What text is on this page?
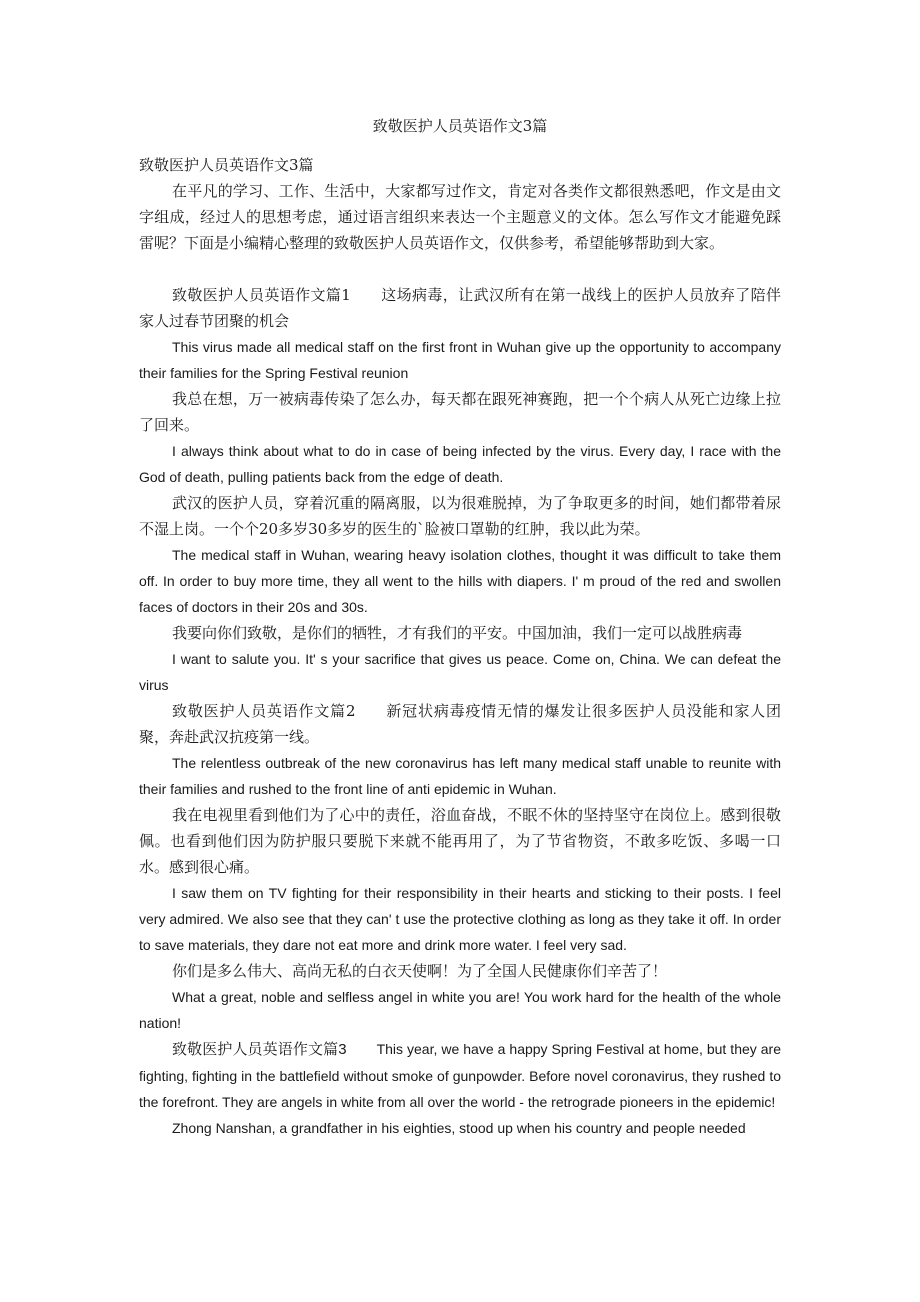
致敬医护人员英语作文3篇

致敬医护人员英语作文3篇

在平凡的学习、工作、生活中，大家都写过作文，肯定对各类作文都很熟悉吧，作文是由文字组成，经过人的思想考虑，通过语言组织来表达一个主题意义的文体。怎么写作文才能避免踩雷呢？下面是小编精心整理的致敬医护人员英语作文，仅供参考，希望能够帮助到大家。

致敬医护人员英语作文篇1 这场病毒，让武汉所有在第一战线上的医护人员放弃了陪伴家人过春节团聚的机会

This virus made all medical staff on the first front in Wuhan give up the opportunity to accompany their families for the Spring Festival reunion

我总在想，万一被病毒传染了怎么办，每天都在跟死神赛跑，把一个个病人从死亡边缘上拉了回来。

I always think about what to do in case of being infected by the virus. Every day, I race with the God of death, pulling patients back from the edge of death.

武汉的医护人员，穿着沉重的隔离服，以为很难脱掉，为了争取更多的时间，她们都带着尿不湿上岗。一个个20多岁30多岁的医生的`脸被口罩勒的红肿，我以此为荣。

The medical staff in Wuhan, wearing heavy isolation clothes, thought it was difficult to take them off. In order to buy more time, they all went to the hills with diapers. I' m proud of the red and swollen faces of doctors in their 20s and 30s.

我要向你们致敬，是你们的牺牲，才有我们的平安。中国加油，我们一定可以战胜病毒

I want to salute you. It' s your sacrifice that gives us peace. Come on, China. We can defeat the virus

致敬医护人员英语作文篇2 新冠状病毒疫情无情的爆发让很多医护人员没能和家人团聚，奔赴武汉抗疫第一线。

The relentless outbreak of the new coronavirus has left many medical staff unable to reunite with their families and rushed to the front line of anti epidemic in Wuhan.

我在电视里看到他们为了心中的责任，浴血奋战，不眠不休的坚持坚守在岗位上。感到很敬佩。也看到他们因为防护服只要脱下来就不能再用了，为了节省物资，不敢多吃饭、多喝一口水。感到很心痛。

I saw them on TV fighting for their responsibility in their hearts and sticking to their posts. I feel very admired. We also see that they can' t use the protective clothing as long as they take it off. In order to save materials, they dare not eat more and drink more water. I feel very sad.

你们是多么伟大、高尚无私的白衣天使啊！为了全国人民健康你们辛苦了！

What a great, noble and selfless angel in white you are! You work hard for the health of the whole nation!

致敬医护人员英语作文篇3 This year, we have a happy Spring Festival at home, but they are fighting, fighting in the battlefield without smoke of gunpowder. Before novel coronavirus, they rushed to the forefront. They are angels in white from all over the world - the retrograde pioneers in the epidemic!

Zhong Nanshan, a grandfather in his eighties, stood up when his country and people needed
